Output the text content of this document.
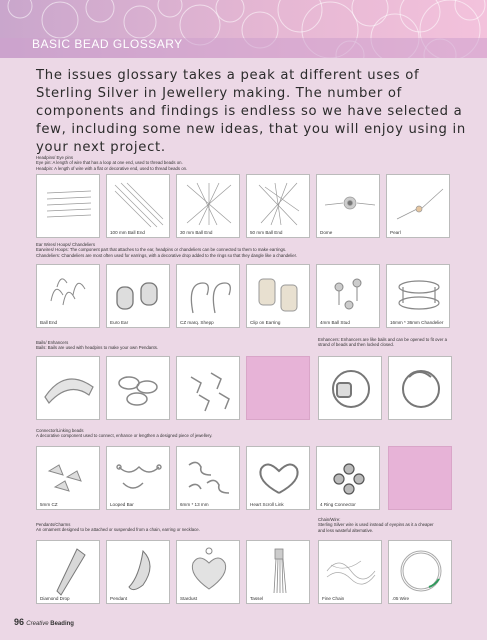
BASIC BEAD GLOSSARY
The issues glossary takes a peak at different uses of Sterling Silver in Jewellery making. The number of components and findings is endless so we have selected a few, including some new ideas, that you will enjoy using in your next project.
Headpins/ Eye pins
Eye pin: A length of wire that has a loop at one end, used to thread beads on.
Headpin: A length of wire with a flat or decorative end, used to thread beads on.
100 mm Ball End	30 mm Ball End	50 mm Ball End	Dome	Pearl
Ear Wires/ Hoops/ Chandeliers
Earwires/ Hoops: The component part that attaches to the ear, headpins or chandeliers can be connected to them to make earrings.
Chandeliers: Chandeliers are most often used for earrings, with a decorative drop added to the rings so that they dangle like a chandelier.
Ball End	Euro Ear	CZ marq. Shepp	Clip on Earring	4mm Ball Stud	16mm * 36mm Chandelier
Bails/ Enhancers
Bails: Bails are used with headpins to make your own Pendants.
Enhancers: Enhancers are like bails and can be opened to fit over a
strand of beads and then locked closed.
Connector/Linking beads
A decorative component used to connect, enhance or lengthen a designed piece of jewellery.
5mm CZ	Looped Bar	6mm * 13 mm	Heart Scroll Link	4 Ring Connector
Pendants/Charms
An ornament designed to be attached or suspended from a chain, earring or necklace.
Chain/Wire:
Sterling Silver wire is used instead of eyepins as it a cheaper
and less wasteful alternative.
Diamond Drop	Pendant	Stardust	Tassel	Fine Chain	.05 Wire
96 Creative Beading
